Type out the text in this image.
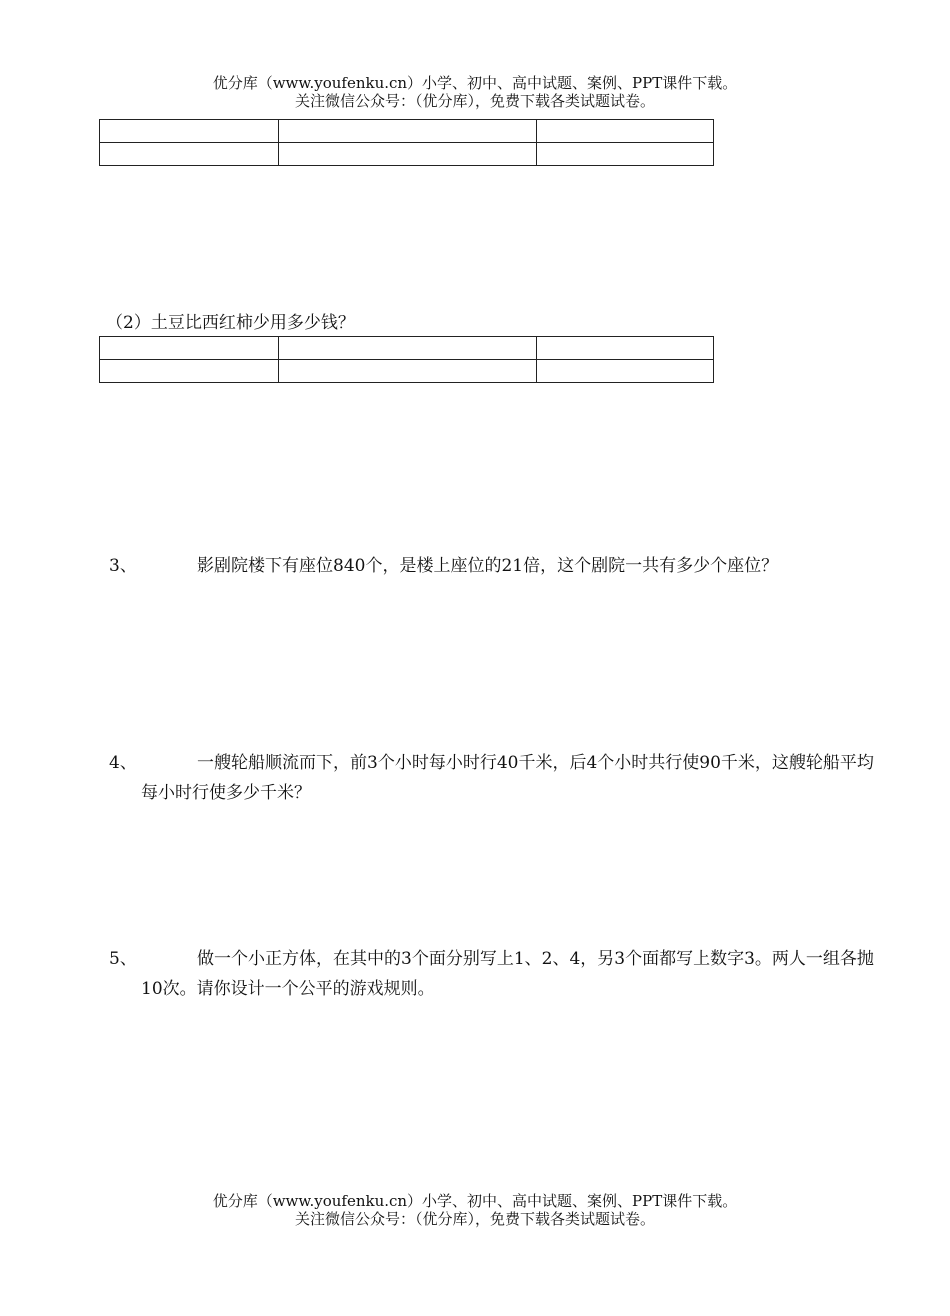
优分库（www.youfenku.cn）小学、初中、高中试题、案例、PPT课件下载。
关注微信公众号：（优分库），免费下载各类试题试卷。

（2）土豆比西红柿少用多少钱？

3、	影剧院楼下有座位840个，是楼上座位的21倍，这个剧院一共有多少个座位？
4、	一艘轮船顺流而下，前3个小时每小时行40千米，后4个小时共行使90千米，这艘轮船平均每小时行使多少千米？
5、	做一个小正方体，在其中的3个面分别写上1、2、4，另3个面都写上数字3。两人一组各抛10次。请你设计一个公平的游戏规则。
优分库（www.youfenku.cn）小学、初中、高中试题、案例、PPT课件下载。
关注微信公众号：（优分库），免费下载各类试题试卷。
